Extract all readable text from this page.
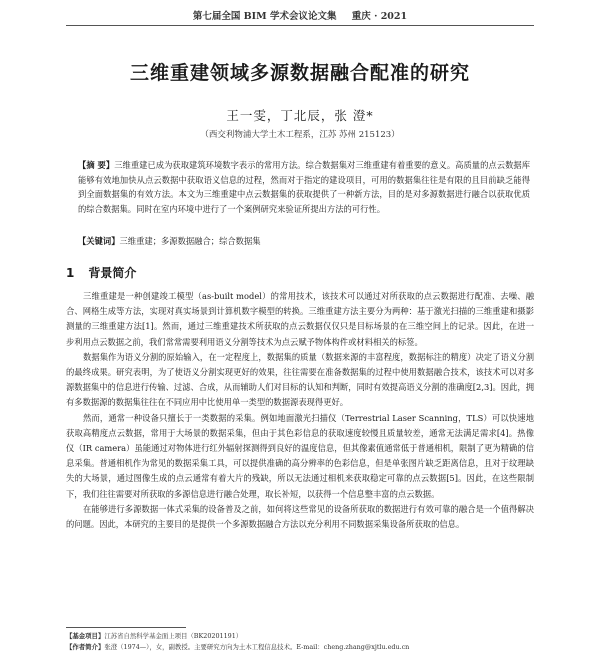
第七届全国 BIM 学术会议论文集 重庆 · 2021
三维重建领域多源数据融合配准的研究
王一雯，丁北辰，张 澄*
（西交利物浦大学土木工程系，江苏 苏州 215123）
【摘 要】三维重建已成为获取建筑环境数字表示的常用方法。综合数据集对三维重建有着重要的意义。高质量的点云数据库能够有效地加快从点云数据中获取语义信息的过程，然而对于指定的建设项目，可用的数据集往往是有限的且目前缺乏能得到全面数据集的有效方法。本文为三维重建中点云数据集的获取提供了一种新方法，目的是对多源数据进行融合以获取优质的综合数据集。同时在室内环境中进行了一个案例研究来验证所提出方法的可行性。
【关键词】三维重建；多源数据融合；综合数据集
1 背景简介

三维重建是一种创建竣工模型（as-built model）的常用技术，该技术可以通过对所获取的点云数据进行配准、去噪、融合、网格生成等方法，实现对真实场景到计算机数字模型的转换。三维重建方法主要分为两种：基于激光扫描的三维重建和摄影测量的三维重建方法[1]。然而，通过三维重建技术所获取的点云数据仅仅只是目标场景的在三维空间上的记录。因此，在进一步利用点云数据之前，我们常常需要利用语义分割等技术为点云赋予物体构件或材料相关的标签。

数据集作为语义分割的原始输入，在一定程度上，数据集的质量（数据来源的丰富程度，数据标注的精度）决定了语义分割的最终成果。研究表明，为了使语义分割实现更好的效果，往往需要在准备数据集的过程中使用数据融合技术，该技术可以对多源数据集中的信息进行传输、过滤、合成，从而辅助人们对目标的认知和判断，同时有效提高语义分割的准确度[2,3]。因此，拥有多数据源的数据集往往在不同应用中比使用单一类型的数据源表现得更好。

然而，通常一种设备只擅长于一类数据的采集。例如地面激光扫描仪（Terrestrial Laser Scanning，TLS）可以快速地获取高精度点云数据，常用于大场景的数据采集，但由于其色彩信息的获取速度较慢且质量较差，通常无法满足需求[4]。热像仪（IR camera）虽能通过对物体进行红外辐射探测得到良好的温度信息，但其像素值通常低于普通相机，限制了更为精确的信息采集。普通相机作为常见的数据采集工具，可以提供准确的高分辨率的色彩信息，但是单张图片缺乏距离信息，且对于纹理缺失的大场景，通过图像生成的点云通常有着大片的残缺，所以无法通过相机来获取稳定可靠的点云数据[5]。因此，在这些限制下，我们往往需要对所获取的多源信息进行融合处理，取长补短，以获得一个信息整丰富的点云数据。

在能够进行多源数据一体式采集的设备普及之前，如何将这些常见的设备所获取的数据进行有效可靠的融合是一个值得解决的问题。因此，本研究的主要目的是提供一个多源数据融合方法以充分利用不同数据采集设备所获取的信息。

【基金项目】江苏省自然科学基金面上项目（BK20201191）
【作者简介】张澄（1974—），女，副教授。主要研究方向为土木工程信息技术。E-mail：cheng.zhang@xjtlu.edu.cn
